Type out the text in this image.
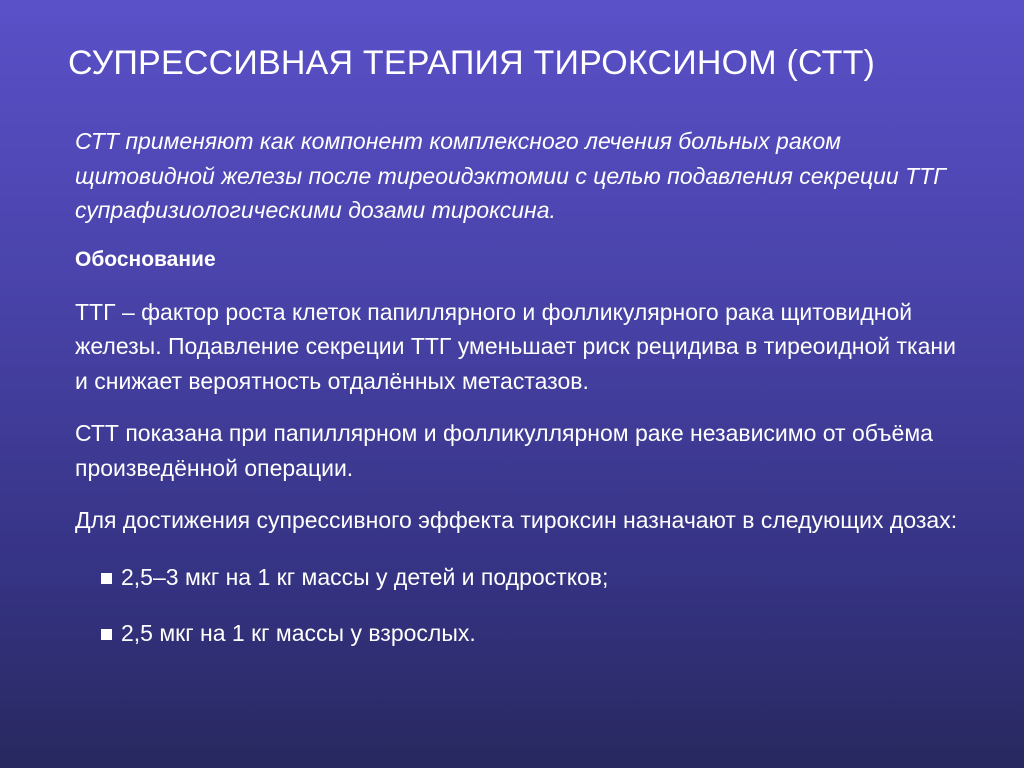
СУПРЕССИВНАЯ ТЕРАПИЯ ТИРОКСИНОМ (СТТ)

СТТ применяют как компонент комплексного лечения больных раком щитовидной железы после тиреоидэктомии с целью подавления секреции ТТГ супрафизиологическими дозами тироксина.

Обоснование

ТТГ – фактор роста клеток папиллярного и фолликулярного рака щитовидной железы. Подавление секреции ТТГ уменьшает риск рецидива в тиреоидной ткани и снижает вероятность отдалённых метастазов.

СТТ показана при папиллярном и фолликуллярном раке независимо от объёма произведённой операции.

Для достижения супрессивного эффекта тироксин назначают в следующих дозах:

2,5–3 мкг на 1 кг массы у детей и подростков;
2,5 мкг на 1 кг массы у взрослых.
